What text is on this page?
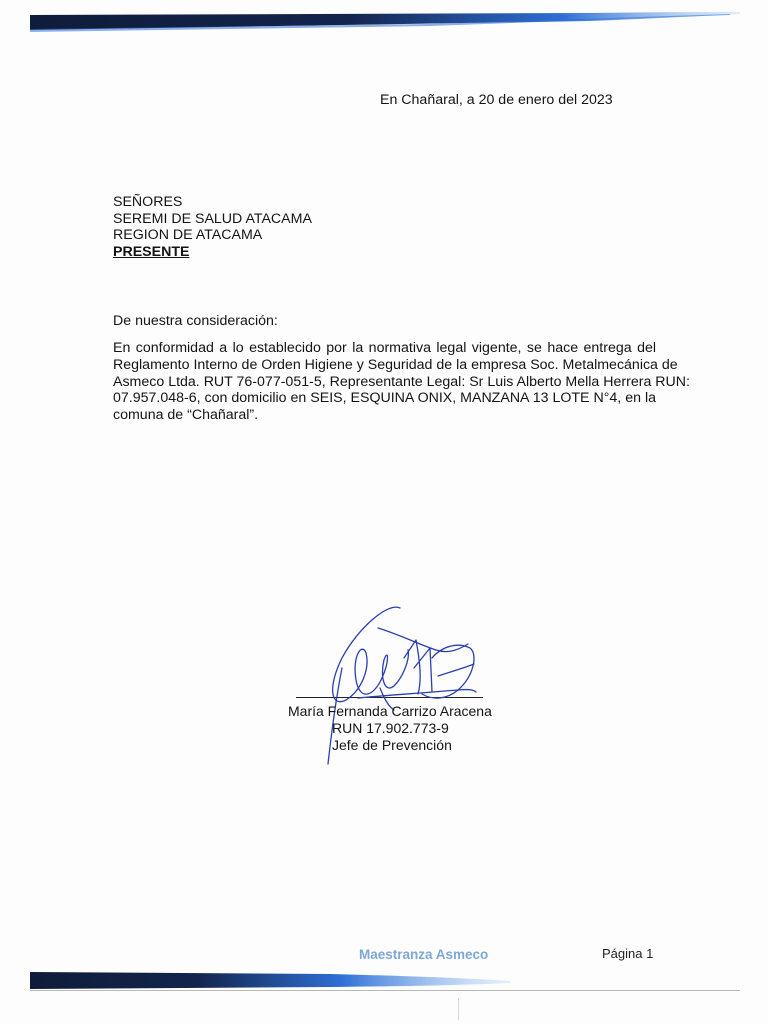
En Chañaral, a 20 de enero del 2023
SEÑORES
SEREMI DE SALUD ATACAMA
REGION DE ATACAMA
PRESENTE
De nuestra consideración:
En conformidad a lo establecido por la normativa legal vigente, se hace entrega del
Reglamento Interno de Orden Higiene y Seguridad de la empresa Soc. Metalmecánica de
Asmeco Ltda. RUT 76-077-051-5, Representante Legal: Sr Luis Alberto Mella Herrera RUN:
07.957.048-6, con domicilio en SEIS, ESQUINA ONIX, MANZANA 13 LOTE N°4, en la
comuna de “Chañaral”.
María Fernanda Carrizo Aracena
RUN 17.902.773-9
Jefe de Prevención
Maestranza Asmeco	Página 1
